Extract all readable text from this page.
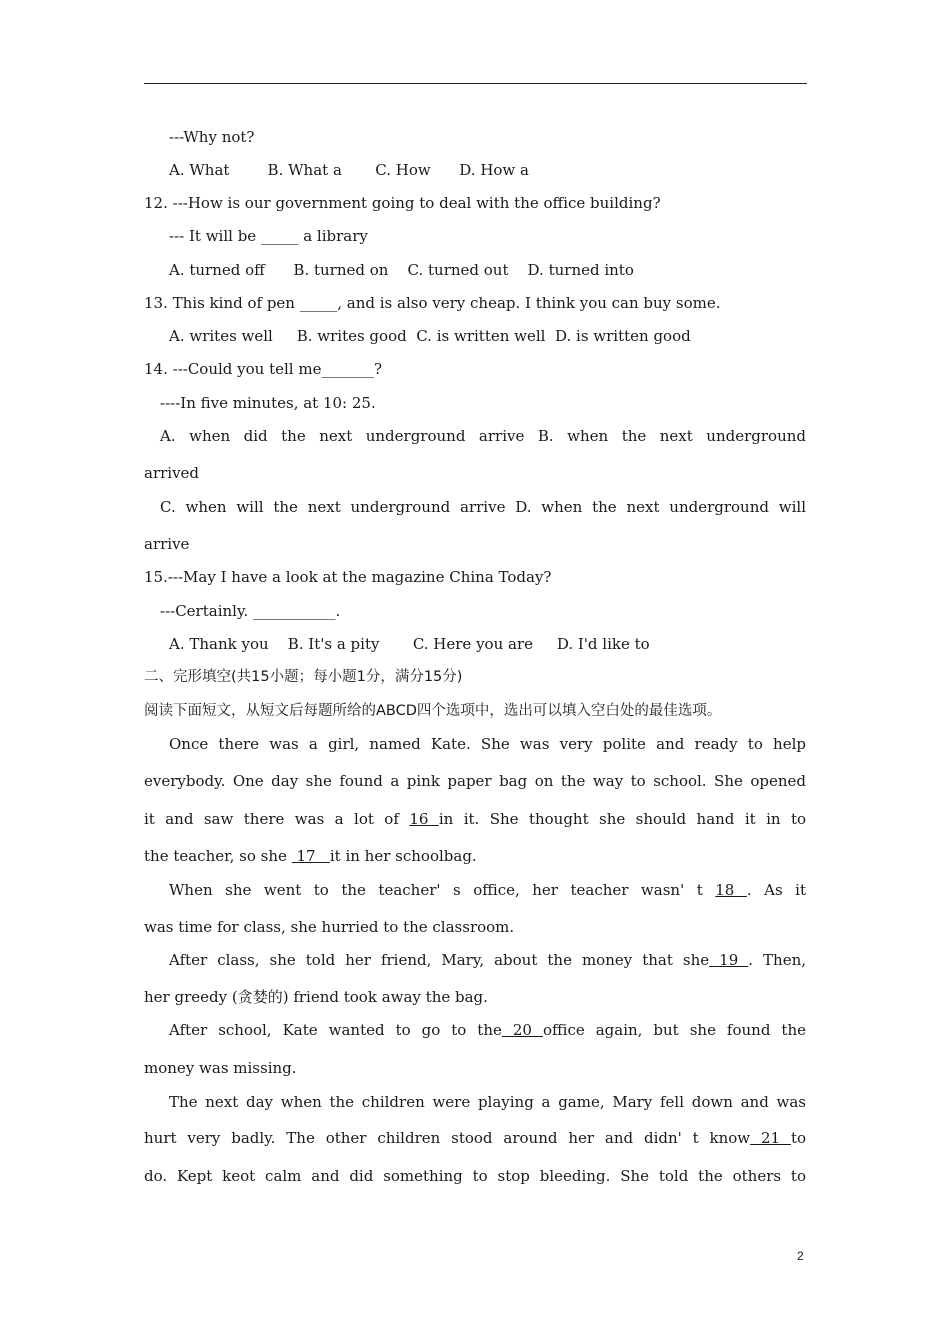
---Why not?
A. What        B. What a       C. How      D. How a
12. ---How is our government going to deal with the office building?
--- It will be _____ a library
A. turned off      B. turned on    C. turned out    D. turned into
13. This kind of pen _____, and is also very cheap. I think you can buy some.
A. writes well     B. writes good  C. is written well  D. is written good
14. ---Could you tell me_______?
----In five minutes, at 10: 25.
A. when did the next underground arrive B. when the next underground
arrived
C. when will the next underground arrive D. when the next underground will
arrive
15.---May I have a look at the magazine China Today?
---Certainly. ___________.
A. Thank you    B. It's a pity       C. Here you are     D. I'd like to
二、完形填空(共15小题；每小题1分，满分15分)
阅读下面短文，从短文后每题所给的ABCD四个选项中，选出可以填入空白处的最佳选项。
Once there was a girl, named Kate. She was very polite and ready to help
everybody. One day she found a pink paper bag on the way to school. She opened
it and saw there was a lot of 16 in it. She thought she should hand it in to
the teacher, so she  17   it in her schoolbag.
When she went to the teacher' s office, her teacher wasn' t 18 . As it
was time for class, she hurried to the classroom.
After class, she told her friend, Mary, about the money that she 19 . Then,
her greedy (贪婪的) friend took away the bag.
After school, Kate wanted to go to the 20 office again, but she found the
money was missing.
The next day when the children were playing a game, Mary fell down and was
hurt very badly. The other children stood around her and didn' t know 21 to
do. Kept keot calm and did something to stop bleeding. She told the others to
2
